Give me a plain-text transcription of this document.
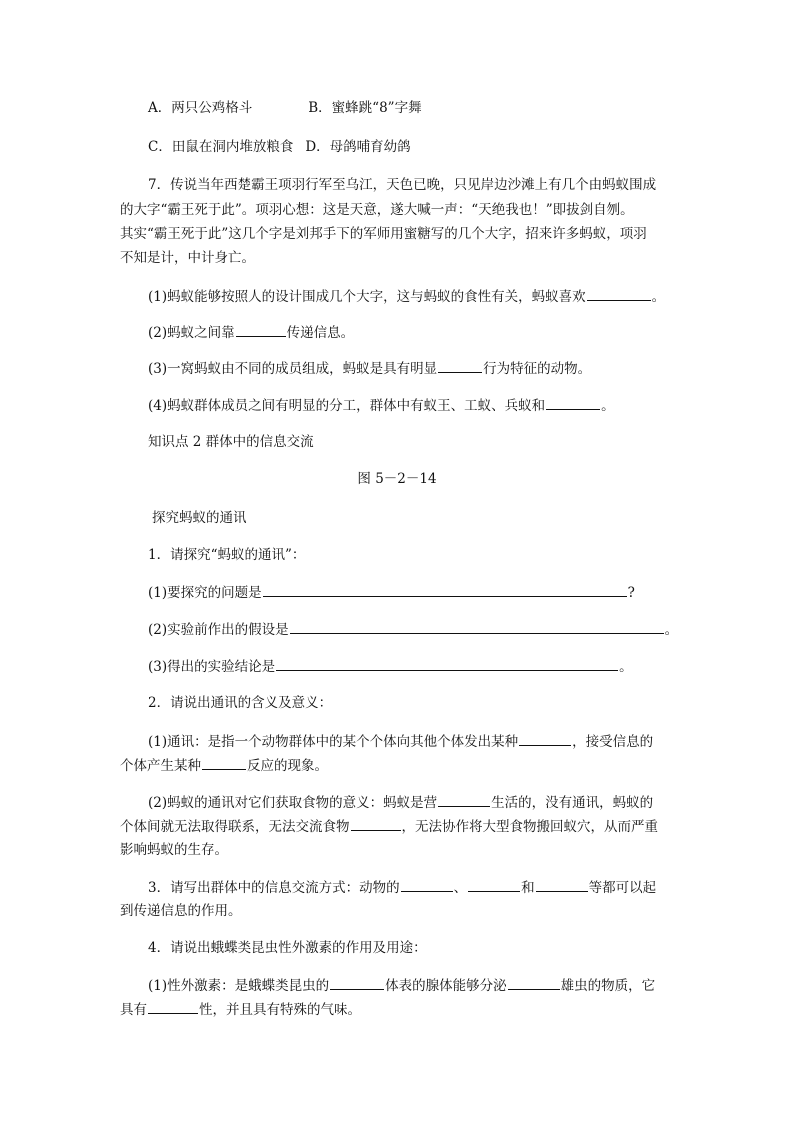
A．两只公鸡格斗	B．蜜蜂跳“8”字舞
C．田鼠在洞内堆放粮食 D．母鸽哺育幼鸽
7．传说当年西楚霸王项羽行军至乌江，天色已晚，只见岸边沙滩上有几个由蚂蚁围成
的大字“霸王死于此”。项羽心想：这是天意，遂大喊一声：“天绝我也！”即拔剑自刎。
其实“霸王死于此”这几个字是刘邦手下的军师用蜜糖写的几个大字，招来许多蚂蚁，项羽
不知是计，中计身亡。
(1)蚂蚁能够按照人的设计围成几个大字，这与蚂蚁的食性有关，蚂蚁喜欢	。
(2)蚂蚁之间靠	传递信息。
(3)一窝蚂蚁由不同的成员组成，蚂蚁是具有明显	行为特征的动物。
(4)蚂蚁群体成员之间有明显的分工，群体中有蚁王、工蚁、兵蚁和	。
知识点 2 群体中的信息交流
图 5－2－14
探究蚂蚁的通讯
1．请探究“蚂蚁的通讯”：
(1)要探究的问题是	?
(2)实验前作出的假设是	。
(3)得出的实验结论是	。
2．请说出通讯的含义及意义：
(1)通讯：是指一个动物群体中的某个个体向其他个体发出某种	，接受信息的
个体产生某种	反应的现象。
(2)蚂蚁的通讯对它们获取食物的意义：蚂蚁是营	生活的，没有通讯，蚂蚁的
个体间就无法取得联系，无法交流食物	，无法协作将大型食物搬回蚁穴，从而严重
影响蚂蚁的生存。
3．请写出群体中的信息交流方式：动物的	、	和	等都可以起
到传递信息的作用。
4．请说出蛾蝶类昆虫性外激素的作用及用途：
(1)性外激素：是蛾蝶类昆虫的	体表的腺体能够分泌	雄虫的物质，它
具有	性，并且具有特殊的气味。
